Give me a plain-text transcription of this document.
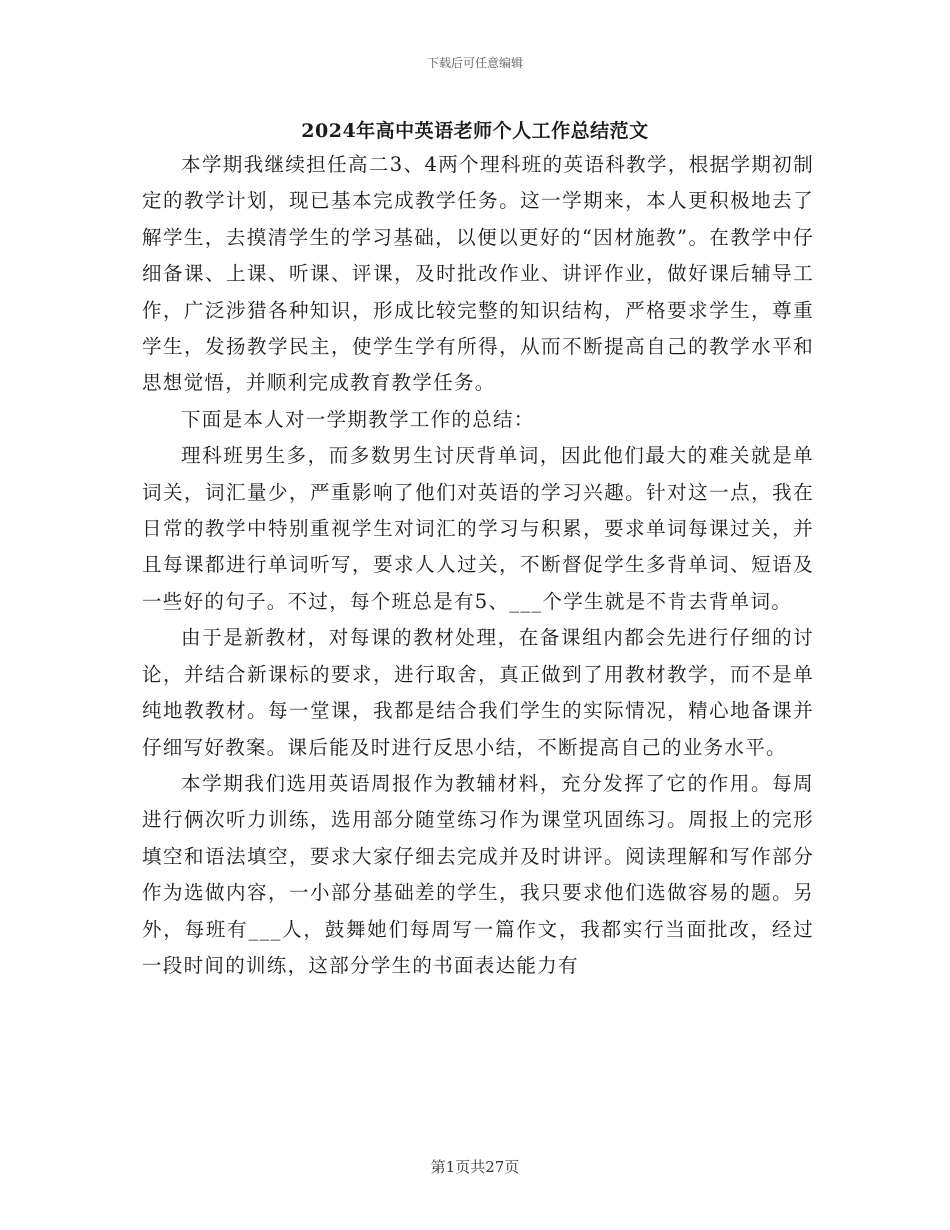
下载后可任意编辑
2024年高中英语老师个人工作总结范文

本学期我继续担任高二3、4两个理科班的英语科教学，根据学期初制定的教学计划，现已基本完成教学任务。这一学期来，本人更积极地去了解学生，去摸清学生的学习基础，以便以更好的“因材施教”。在教学中仔细备课、上课、听课、评课，及时批改作业、讲评作业，做好课后辅导工作，广泛涉猎各种知识，形成比较完整的知识结构，严格要求学生，尊重学生，发扬教学民主，使学生学有所得，从而不断提高自己的教学水平和思想觉悟，并顺利完成教育教学任务。

下面是本人对一学期教学工作的总结：

理科班男生多，而多数男生讨厌背单词，因此他们最大的难关就是单词关，词汇量少，严重影响了他们对英语的学习兴趣。针对这一点，我在日常的教学中特别重视学生对词汇的学习与积累，要求单词每课过关，并且每课都进行单词听写，要求人人过关，不断督促学生多背单词、短语及一些好的句子。不过，每个班总是有5、___个学生就是不肯去背单词。

由于是新教材，对每课的教材处理，在备课组内都会先进行仔细的讨论，并结合新课标的要求，进行取舍，真正做到了用教材教学，而不是单纯地教教材。每一堂课，我都是结合我们学生的实际情况，精心地备课并仔细写好教案。课后能及时进行反思小结，不断提高自己的业务水平。

本学期我们选用英语周报作为教辅材料，充分发挥了它的作用。每周进行俩次听力训练，选用部分随堂练习作为课堂巩固练习。周报上的完形填空和语法填空，要求大家仔细去完成并及时讲评。阅读理解和写作部分作为选做内容，一小部分基础差的学生，我只要求他们选做容易的题。另外，每班有___人，鼓舞她们每周写一篇作文，我都实行当面批改，经过一段时间的训练，这部分学生的书面表达能力有

第1页共27页
